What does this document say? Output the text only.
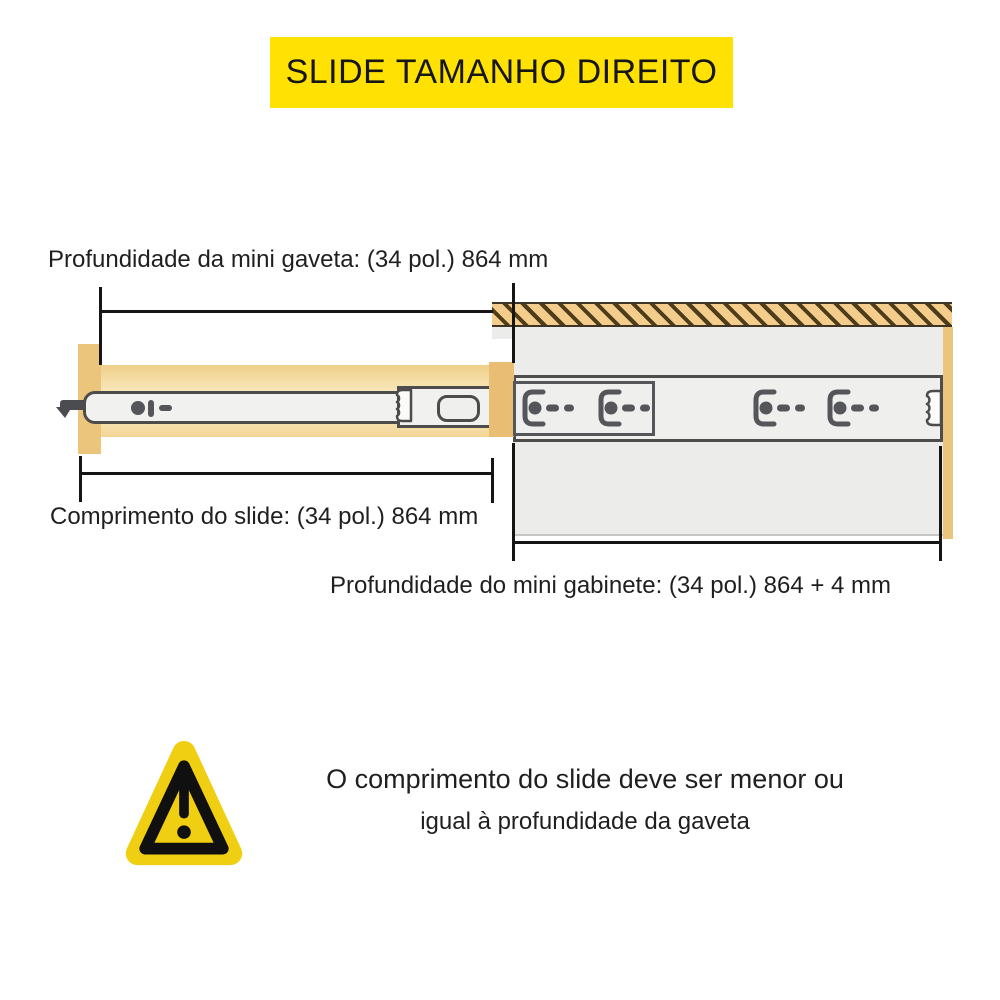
SLIDE TAMANHO DIREITO
Profundidade da mini gaveta: (34 pol.) 864 mm
Comprimento do slide: (34 pol.) 864 mm
Profundidade do mini gabinete: (34 pol.) 864 + 4 mm
O comprimento do slide deve ser menor ou
igual à profundidade da gaveta
